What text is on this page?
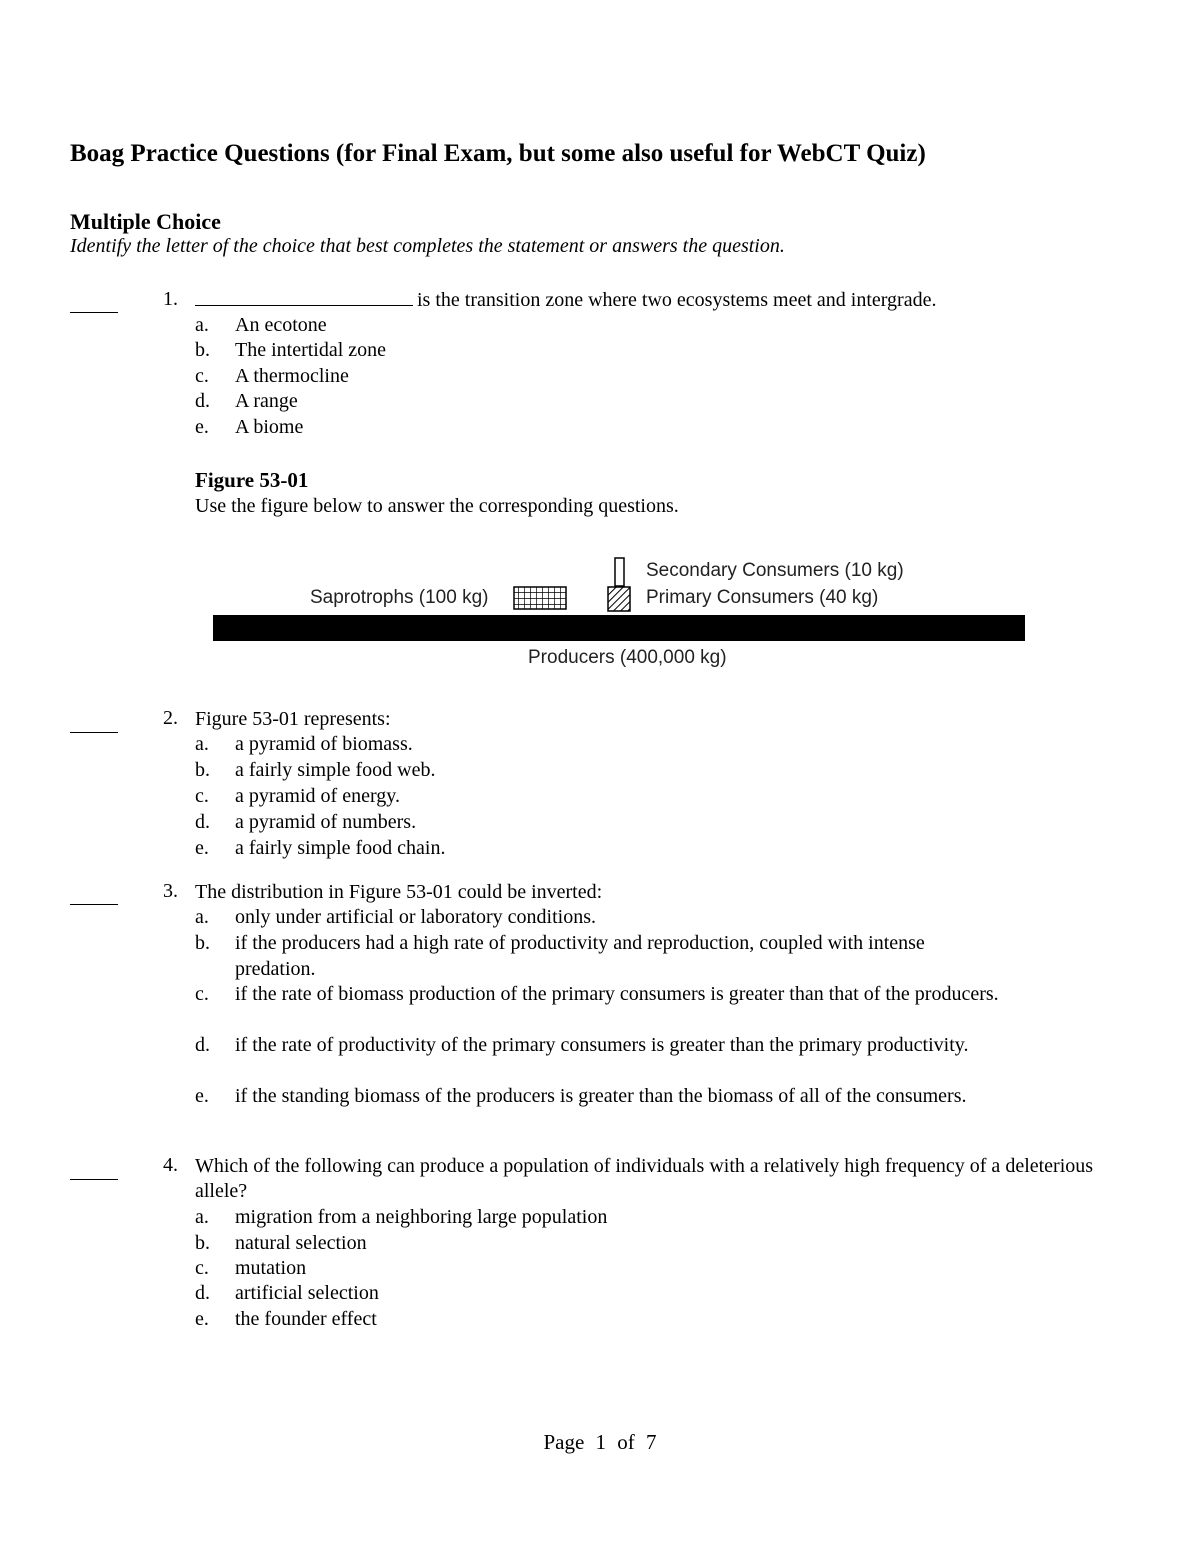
Boag Practice Questions (for Final Exam, but some also useful for WebCT Quiz)
Multiple Choice
Identify the letter of the choice that best completes the statement or answers the question.
1.	is the transition zone where two ecosystems meet and intergrade.
a. An ecotone
b. The intertidal zone
c. A thermocline
d. A range
e. A biome
Figure 53-01
Use the figure below to answer the corresponding questions.
Secondary Consumers (10 kg)
Primary Consumers (40 kg)
Saprotrophs (100 kg)
Producers (400,000 kg)
2. Figure 53-01 represents:
a. a pyramid of biomass.
b. a fairly simple food web.
c. a pyramid of energy.
d. a pyramid of numbers.
e. a fairly simple food chain.
3. The distribution in Figure 53-01 could be inverted:
a. only under artificial or laboratory conditions.
b. if the producers had a high rate of productivity and reproduction, coupled with intense predation.
c. if the rate of biomass production of the primary consumers is greater than that of the producers.
d. if the rate of productivity of the primary consumers is greater than the primary productivity.
e. if the standing biomass of the producers is greater than the biomass of all of the consumers.
4. Which of the following can produce a population of individuals with a relatively high frequency of a deleterious allele?
a. migration from a neighboring large population
b. natural selection
c. mutation
d. artificial selection
e. the founder effect
Page 1 of 7
